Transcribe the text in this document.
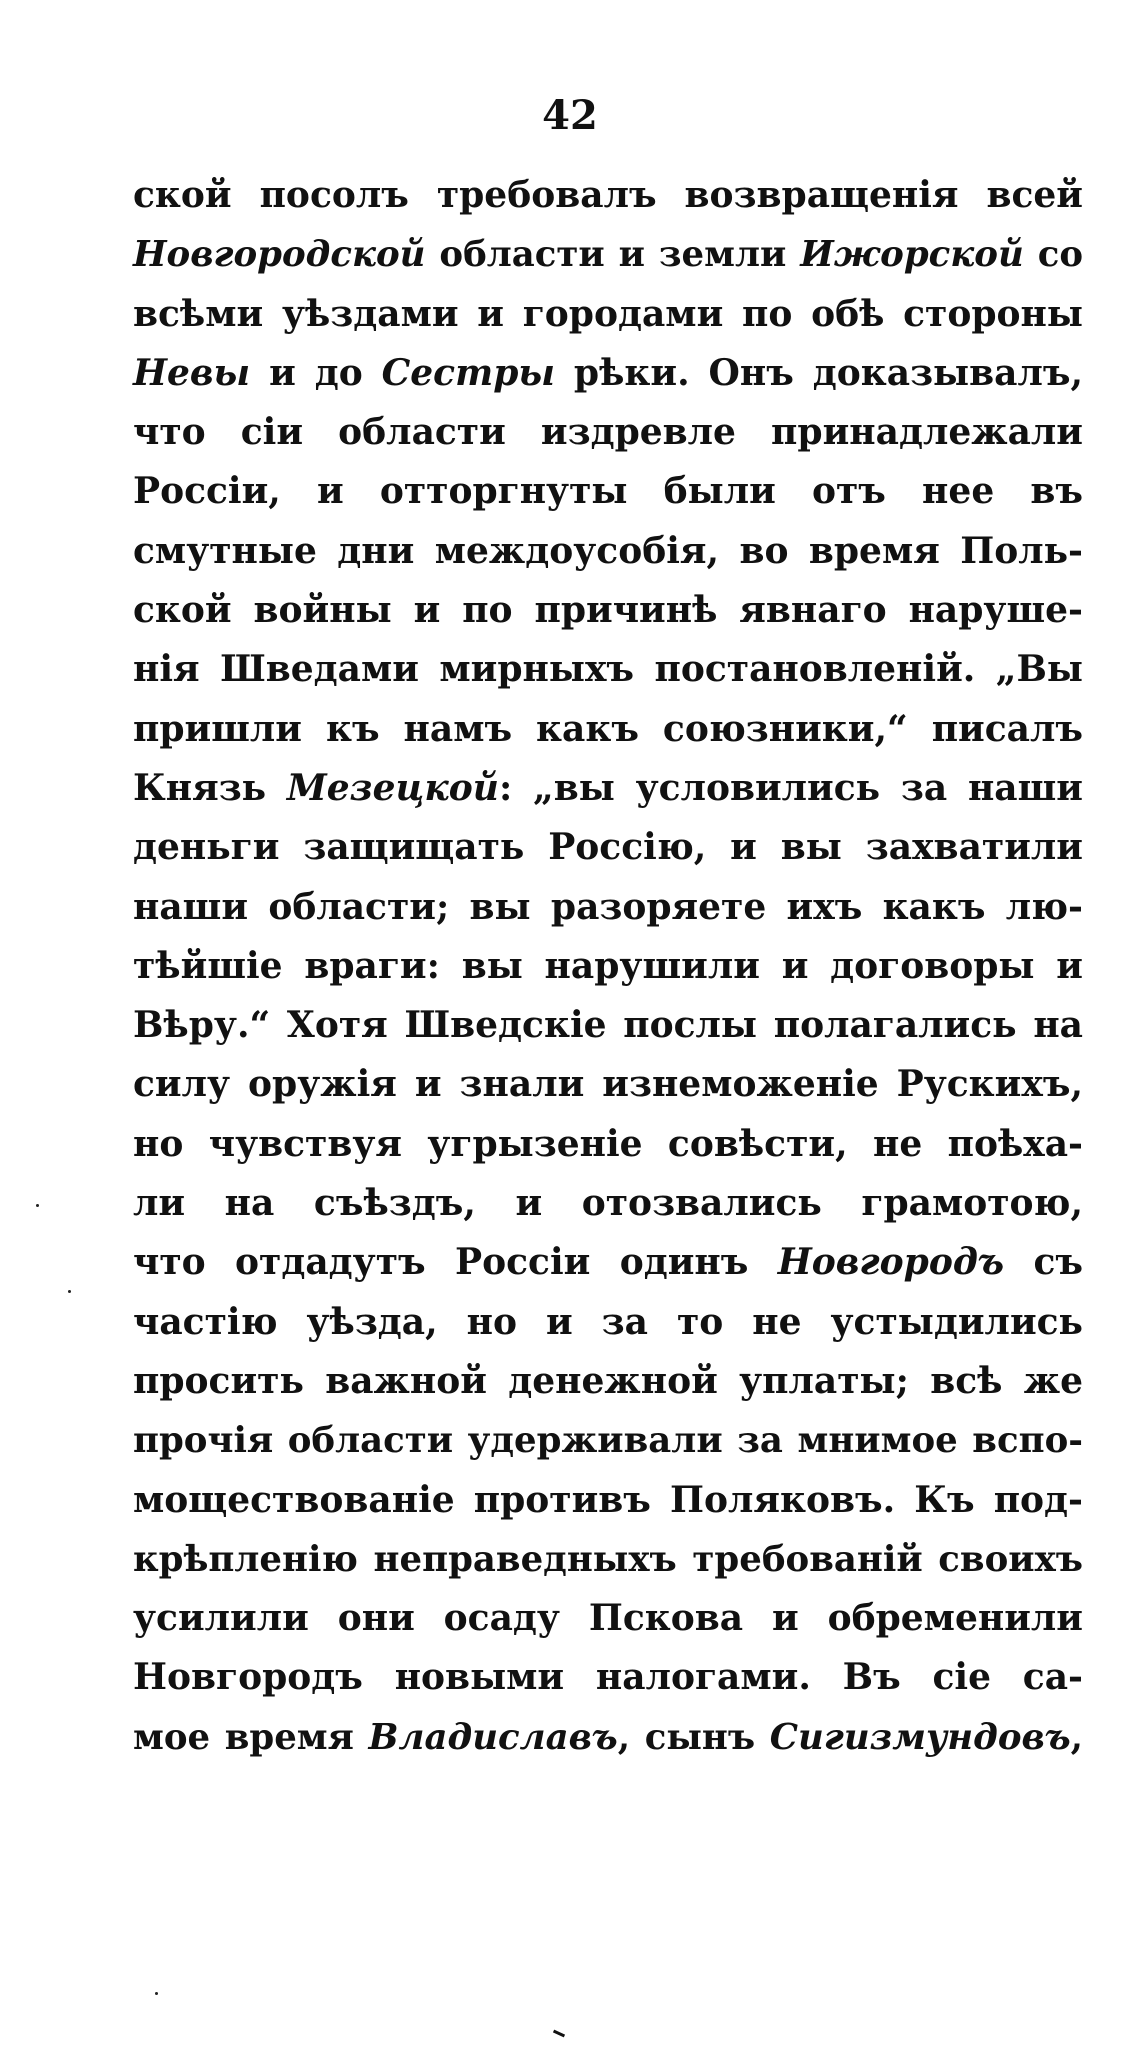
42
ской посолъ требовалъ возвращенія всей
Новгородской области и земли Ижорской со
всѣми уѣздами и городами по обѣ стороны
Невы и до Сестры рѣки. Онъ доказывалъ,
что сіи области издревле принадлежали
Россіи, и отторгнуты были отъ нее въ
смутные дни междоусобія, во время Поль-
ской войны и по причинѣ явнаго наруше-
нія Шведами мирныхъ постановленій. „Вы
пришли къ намъ какъ союзники,“ писалъ
Князь Мезецкой: „вы условились за наши
деньги защищать Россію, и вы захватили
наши области; вы разоряете ихъ какъ лю-
тѣйшіе враги: вы нарушили и договоры и
Вѣру.“ Хотя Шведскіе послы полагались на
силу оружія и знали изнеможеніе Рускихъ,
но чувствуя угрызеніе совѣсти, не поѣха-
ли на съѣздъ, и отозвались грамотою,
что отдадутъ Россіи одинъ Новгородъ съ
частію уѣзда, но и за то не устыдились
просить важной денежной уплаты; всѣ же
прочія области удерживали за мнимое вспо-
моществованіе противъ Поляковъ. Къ под-
крѣпленію неправедныхъ требованій своихъ
усилили они осаду Пскова и обременили
Новгородъ новыми налогами. Въ сіе са-
мое время Владиславъ, сынъ Сигизмундовъ,
